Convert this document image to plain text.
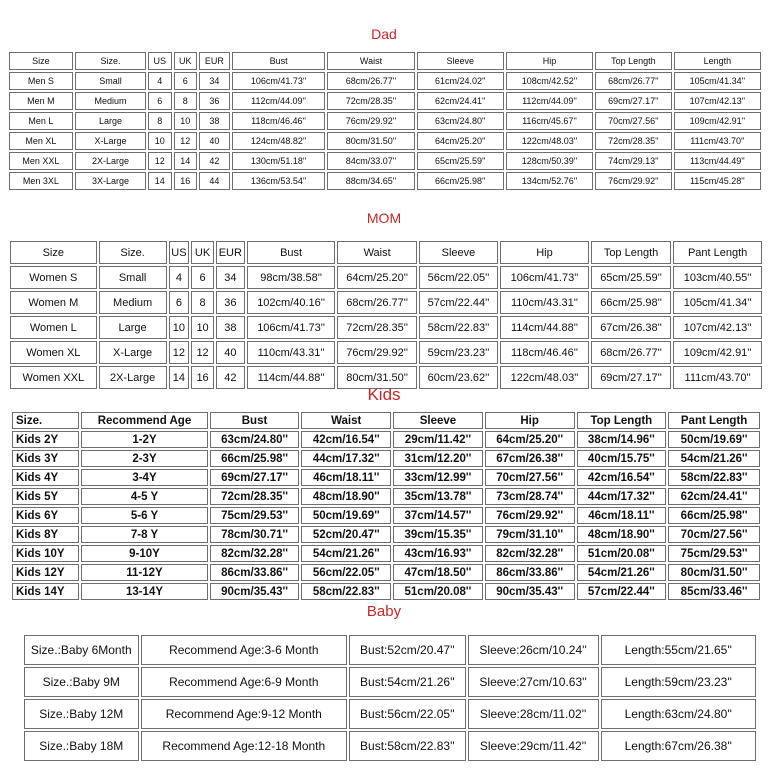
Dad
Size	Size.	US	UK	EUR	Bust	Waist	Sleeve	Hip	Top Length	Length
Men S	Small	4	6	34	106cm/41.73''	68cm/26.77''	61cm/24.02''	108cm/42.52''	68cm/26.77''	105cm/41.34''
Men M	Medium	6	8	36	112cm/44.09''	72cm/28.35''	62cm/24.41''	112cm/44.09''	69cm/27.17''	107cm/42.13''
Men L	Large	8	10	38	118cm/46.46''	76cm/29.92''	63cm/24.80''	116cm/45.67''	70cm/27.56''	109cm/42.91''
Men XL	X-Large	10	12	40	124cm/48.82''	80cm/31.50''	64cm/25.20''	122cm/48.03''	72cm/28.35''	111cm/43.70''
Men XXL	2X-Large	12	14	42	130cm/51.18''	84cm/33.07''	65cm/25.59''	128cm/50.39''	74cm/29.13''	113cm/44.49''
Men 3XL	3X-Large	14	16	44	136cm/53.54''	88cm/34.65''	66cm/25.98''	134cm/52.76''	76cm/29.92''	115cm/45.28''
MOM
Size	Size.	US	UK	EUR	Bust	Waist	Sleeve	Hip	Top Length	Pant Length
Women S	Small	4	6	34	98cm/38.58''	64cm/25.20''	56cm/22.05''	106cm/41.73''	65cm/25.59''	103cm/40.55''
Women M	Medium	6	8	36	102cm/40.16''	68cm/26.77''	57cm/22.44''	110cm/43.31''	66cm/25.98''	105cm/41.34''
Women L	Large	10	10	38	106cm/41.73''	72cm/28.35''	58cm/22.83''	114cm/44.88''	67cm/26.38''	107cm/42.13''
Women XL	X-Large	12	12	40	110cm/43.31''	76cm/29.92''	59cm/23.23''	118cm/46.46''	68cm/26.77''	109cm/42.91''
Women XXL	2X-Large	14	16	42	114cm/44.88''	80cm/31.50''	60cm/23.62''	122cm/48.03''	69cm/27.17''	111cm/43.70''
Kids
Size.	Recommend Age	Bust	Waist	Sleeve	Hip	Top Length	Pant Length
Kids 2Y	1-2Y	63cm/24.80''	42cm/16.54''	29cm/11.42''	64cm/25.20''	38cm/14.96''	50cm/19.69''
Kids 3Y	2-3Y	66cm/25.98''	44cm/17.32''	31cm/12.20''	67cm/26.38''	40cm/15.75''	54cm/21.26''
Kids 4Y	3-4Y	69cm/27.17''	46cm/18.11''	33cm/12.99''	70cm/27.56''	42cm/16.54''	58cm/22.83''
Kids 5Y	4-5 Y	72cm/28.35''	48cm/18.90''	35cm/13.78''	73cm/28.74''	44cm/17.32''	62cm/24.41''
Kids 6Y	5-6 Y	75cm/29.53''	50cm/19.69''	37cm/14.57''	76cm/29.92''	46cm/18.11''	66cm/25.98''
Kids 8Y	7-8 Y	78cm/30.71''	52cm/20.47''	39cm/15.35''	79cm/31.10''	48cm/18.90''	70cm/27.56''
Kids 10Y	9-10Y	82cm/32.28''	54cm/21.26''	43cm/16.93''	82cm/32.28''	51cm/20.08''	75cm/29.53''
Kids 12Y	11-12Y	86cm/33.86''	56cm/22.05''	47cm/18.50''	86cm/33.86''	54cm/21.26''	80cm/31.50''
Kids 14Y	13-14Y	90cm/35.43''	58cm/22.83''	51cm/20.08''	90cm/35.43''	57cm/22.44''	85cm/33.46''
Baby
Size.:Baby 6Month	Recommend Age:3-6 Month	Bust:52cm/20.47''	Sleeve:26cm/10.24''	Length:55cm/21.65''
Size.:Baby 9M	Recommend Age:6-9 Month	Bust:54cm/21.26''	Sleeve:27cm/10.63''	Length:59cm/23.23''
Size.:Baby 12M	Recommend Age:9-12 Month	Bust:56cm/22.05''	Sleeve:28cm/11.02''	Length:63cm/24.80''
Size.:Baby 18M	Recommend Age:12-18 Month	Bust:58cm/22.83''	Sleeve:29cm/11.42''	Length:67cm/26.38''
